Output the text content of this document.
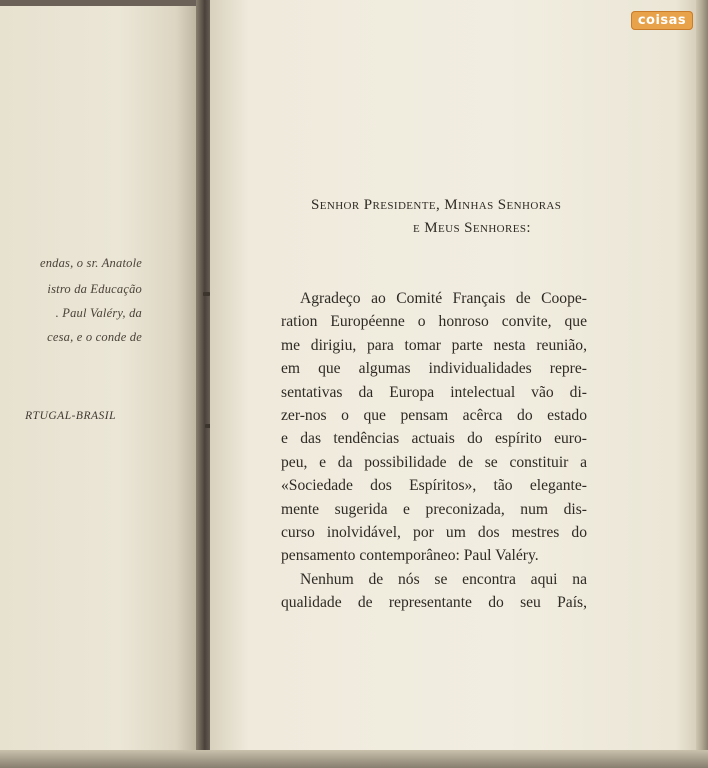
endas, o sr. Anatole
istro da Educação
. Paul Valéry, da
cesa, e o conde de
RTUGAL-BRASIL
coisas
Senhor Presidente, Minhas Senhoras
e Meus Senhores:
Agradeço ao Comité Français de Coope-
ration Européenne o honroso convite, que
me dirigiu, para tomar parte nesta reunião,
em que algumas individualidades repre-
sentativas da Europa intelectual vão di-
zer-nos o que pensam acêrca do estado
e das tendências actuais do espírito euro-
peu, e da possibilidade de se constituir a
«Sociedade dos Espíritos», tão elegante-
mente sugerida e preconizada, num dis-
curso inolvidável, por um dos mestres do
pensamento contemporâneo: Paul Valéry.
Nenhum de nós se encontra aqui na
qualidade de representante do seu País,
